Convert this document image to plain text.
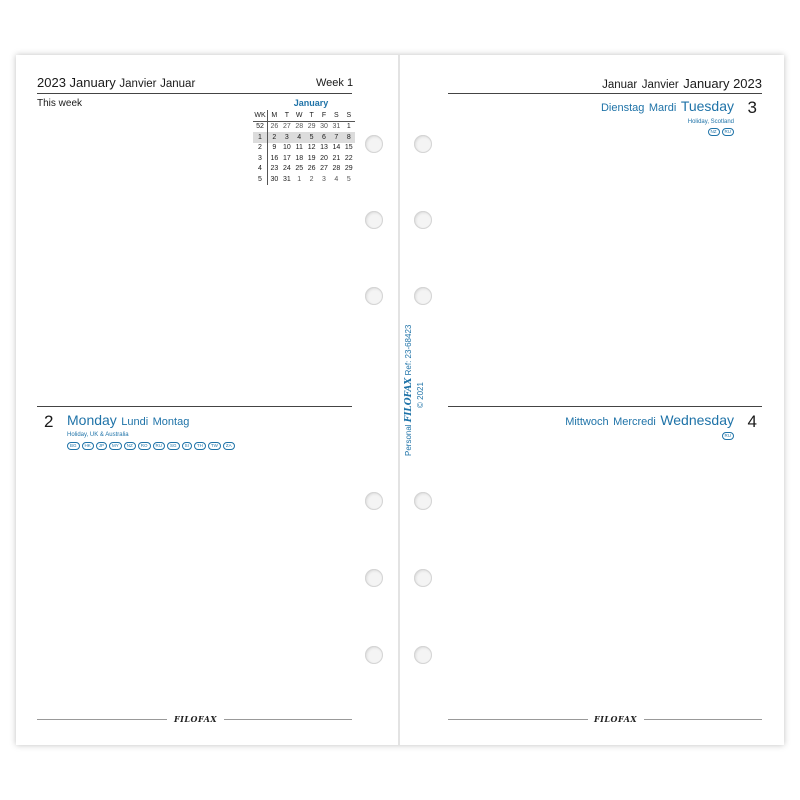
2023 January Janvier Januar	Week 1
This week	January
WK	M	T	W	T	F	S	S
52	26	27	28	29	30	31	1
1	2	3	4	5	6	7	8
2	9	10	11	12	13	14	15
3	16	17	18	19	20	21	22
4	23	24	25	26	27	28	29
5	30	31	1	2	3	4	5
2 Monday Lundi Montag
Holiday, UK & Australia
BG	HK	JP	MY	NZ	RO	RU	SG	SI	TH	TW	ZA
FILOFAX
Januar Janvier January 2023
Dienstag Mardi Tuesday 3
Holiday, Scotland
NZ	RU
Mittwoch Mercredi Wednesday 4
RU
FILOFAX
Personal FILOFAX Ref: 23-68423
© 2021
